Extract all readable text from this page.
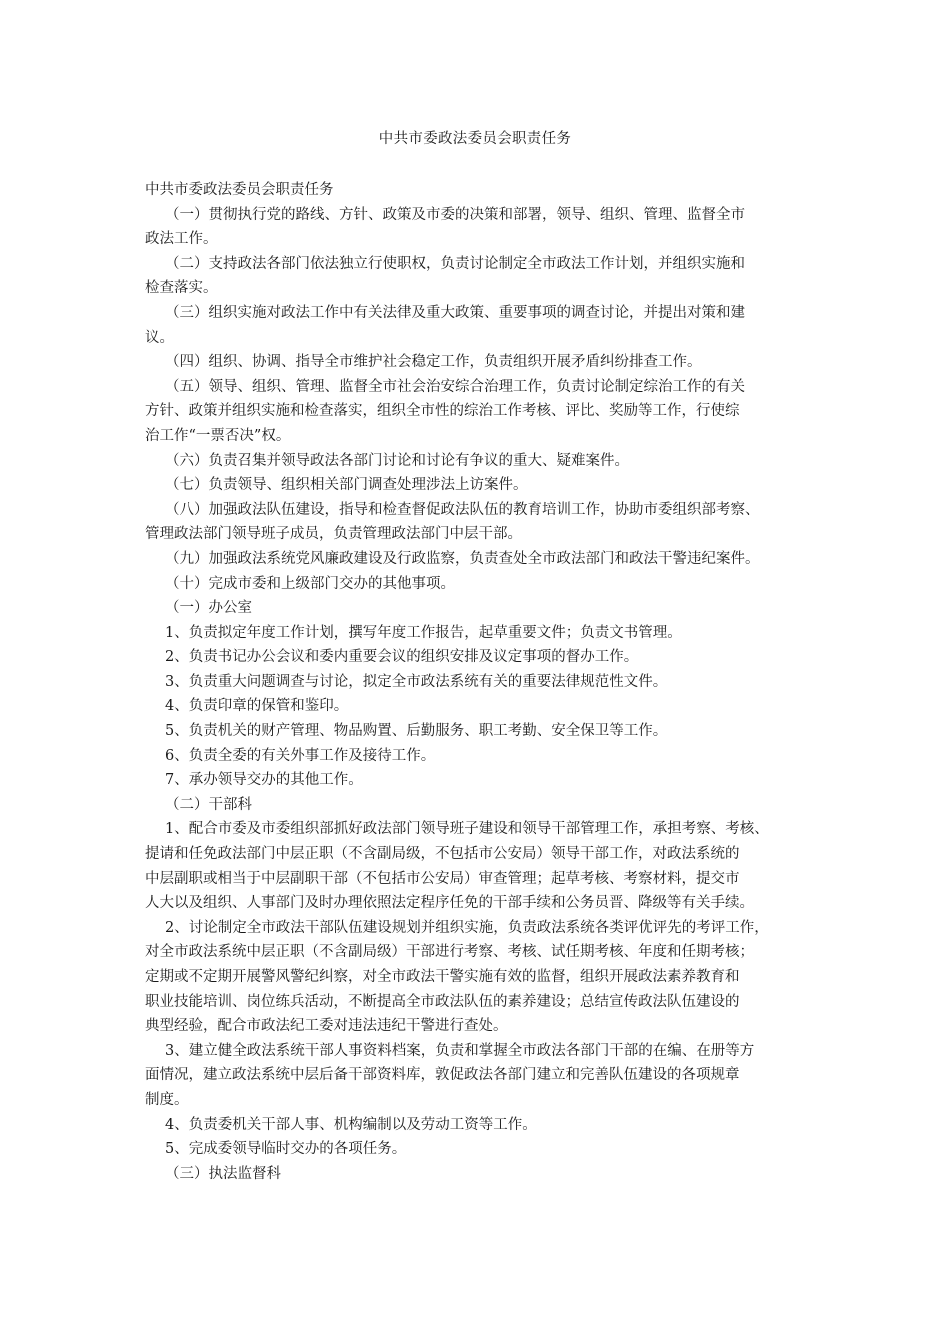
中共市委政法委员会职责任务

中共市委政法委员会职责任务

（一）贯彻执行党的路线、方针、政策及市委的决策和部署，领导、组织、管理、监督全市

政法工作。

（二）支持政法各部门依法独立行使职权，负责讨论制定全市政法工作计划，并组织实施和

检查落实。

（三）组织实施对政法工作中有关法律及重大政策、重要事项的调查讨论，并提出对策和建

议。

（四）组织、协调、指导全市维护社会稳定工作，负责组织开展矛盾纠纷排查工作。

（五）领导、组织、管理、监督全市社会治安综合治理工作，负责讨论制定综治工作的有关

方针、政策并组织实施和检查落实，组织全市性的综治工作考核、评比、奖励等工作，行使综

治工作“一票否决”权。

（六）负责召集并领导政法各部门讨论和讨论有争议的重大、疑难案件。

（七）负责领导、组织相关部门调查处理涉法上访案件。

（八）加强政法队伍建设，指导和检查督促政法队伍的教育培训工作，协助市委组织部考察、

管理政法部门领导班子成员，负责管理政法部门中层干部。

（九）加强政法系统党风廉政建设及行政监察，负责查处全市政法部门和政法干警违纪案件。

（十）完成市委和上级部门交办的其他事项。

（一）办公室

1、负责拟定年度工作计划，撰写年度工作报告，起草重要文件；负责文书管理。

2、负责书记办公会议和委内重要会议的组织安排及议定事项的督办工作。

3、负责重大问题调查与讨论，拟定全市政法系统有关的重要法律规范性文件。

4、负责印章的保管和鉴印。

5、负责机关的财产管理、物品购置、后勤服务、职工考勤、安全保卫等工作。

6、负责全委的有关外事工作及接待工作。

7、承办领导交办的其他工作。

（二）干部科

1、配合市委及市委组织部抓好政法部门领导班子建设和领导干部管理工作，承担考察、考核、

提请和任免政法部门中层正职（不含副局级，不包括市公安局）领导干部工作，对政法系统的

中层副职或相当于中层副职干部（不包括市公安局）审查管理；起草考核、考察材料，提交市

人大以及组织、人事部门及时办理依照法定程序任免的干部手续和公务员晋、降级等有关手续。

2、讨论制定全市政法干部队伍建设规划并组织实施，负责政法系统各类评优评先的考评工作，

对全市政法系统中层正职（不含副局级）干部进行考察、考核、试任期考核、年度和任期考核；

定期或不定期开展警风警纪纠察，对全市政法干警实施有效的监督，组织开展政法素养教育和

职业技能培训、岗位练兵活动，不断提高全市政法队伍的素养建设；总结宣传政法队伍建设的

典型经验，配合市政法纪工委对违法违纪干警进行查处。

3、建立健全政法系统干部人事资料档案，负责和掌握全市政法各部门干部的在编、在册等方

面情况，建立政法系统中层后备干部资料库，敦促政法各部门建立和完善队伍建设的各项规章

制度。

4、负责委机关干部人事、机构编制以及劳动工资等工作。

5、完成委领导临时交办的各项任务。

（三）执法监督科
